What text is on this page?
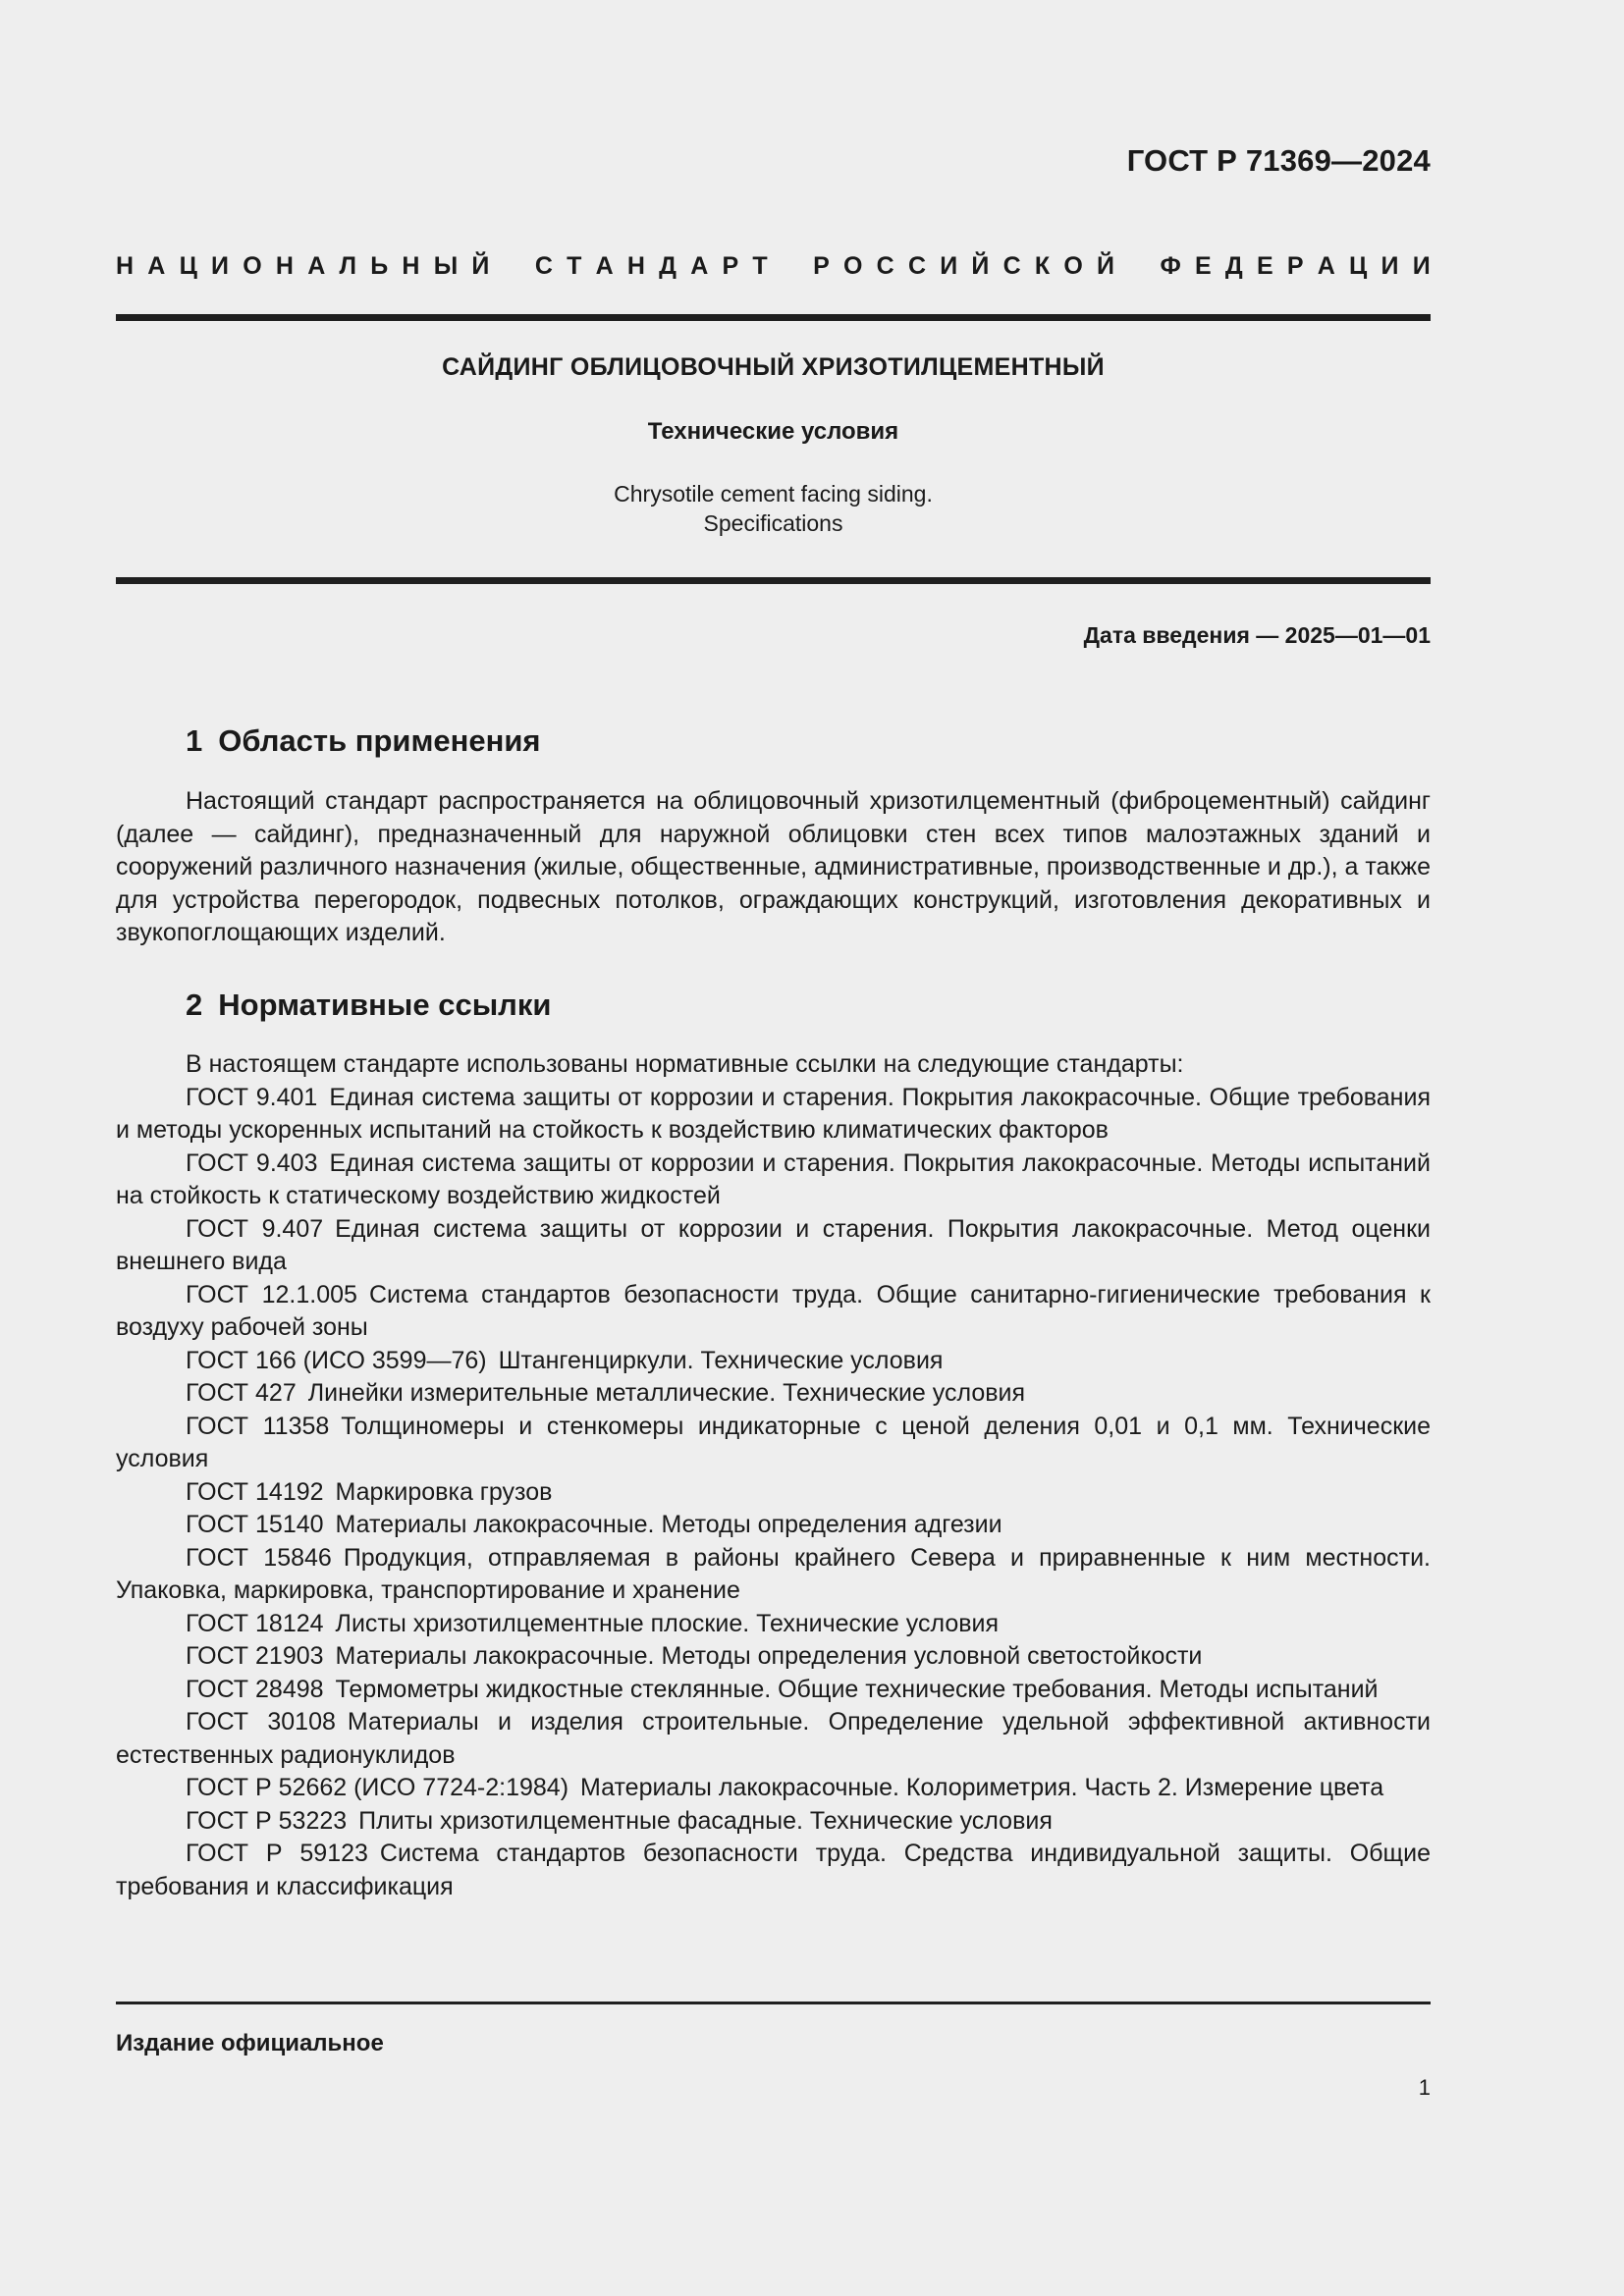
ГОСТ Р 71369—2024
Н А Ц И О Н А Л Ь Н Ы Й С Т А Н Д А Р Т Р О С С И Й С К О Й Ф Е Д Е Р А Ц И И
САЙДИНГ ОБЛИЦОВОЧНЫЙ ХРИЗОТИЛЦЕМЕНТНЫЙ
Технические условия
Chrysotile cement facing siding.
Specifications
Дата введения — 2025—01—01
1 Область применения
Настоящий стандарт распространяется на облицовочный хризотилцементный (фиброцементный) сайдинг (далее — сайдинг), предназначенный для наружной облицовки стен всех типов малоэтажных зданий и сооружений различного назначения (жилые, общественные, административные, производственные и др.), а также для устройства перегородок, подвесных потолков, ограждающих конструкций, изготовления декоративных и звукопоглощающих изделий.
2 Нормативные ссылки

В настоящем стандарте использованы нормативные ссылки на следующие стандарты:

ГОСТ 9.401 Единая система защиты от коррозии и старения. Покрытия лакокрасочные. Общие требования и методы ускоренных испытаний на стойкость к воздействию климатических факторов

ГОСТ 9.403 Единая система защиты от коррозии и старения. Покрытия лакокрасочные. Методы испытаний на стойкость к статическому воздействию жидкостей

ГОСТ 9.407 Единая система защиты от коррозии и старения. Покрытия лакокрасочные. Метод оценки внешнего вида

ГОСТ 12.1.005 Система стандартов безопасности труда. Общие санитарно-гигиенические требования к воздуху рабочей зоны

ГОСТ 166 (ИСО 3599—76) Штангенциркули. Технические условия

ГОСТ 427 Линейки измерительные металлические. Технические условия

ГОСТ 11358 Толщиномеры и стенкомеры индикаторные с ценой деления 0,01 и 0,1 мм. Технические условия

ГОСТ 14192 Маркировка грузов

ГОСТ 15140 Материалы лакокрасочные. Методы определения адгезии

ГОСТ 15846 Продукция, отправляемая в районы крайнего Севера и приравненные к ним местности. Упаковка, маркировка, транспортирование и хранение

ГОСТ 18124 Листы хризотилцементные плоские. Технические условия

ГОСТ 21903 Материалы лакокрасочные. Методы определения условной светостойкости

ГОСТ 28498 Термометры жидкостные стеклянные. Общие технические требования. Методы испытаний

ГОСТ 30108 Материалы и изделия строительные. Определение удельной эффективной активности естественных радионуклидов

ГОСТ Р 52662 (ИСО 7724-2:1984) Материалы лакокрасочные. Колориметрия. Часть 2. Измерение цвета

ГОСТ Р 53223 Плиты хризотилцементные фасадные. Технические условия

ГОСТ Р 59123 Система стандартов безопасности труда. Средства индивидуальной защиты. Общие требования и классификация

Издание официальное
1
